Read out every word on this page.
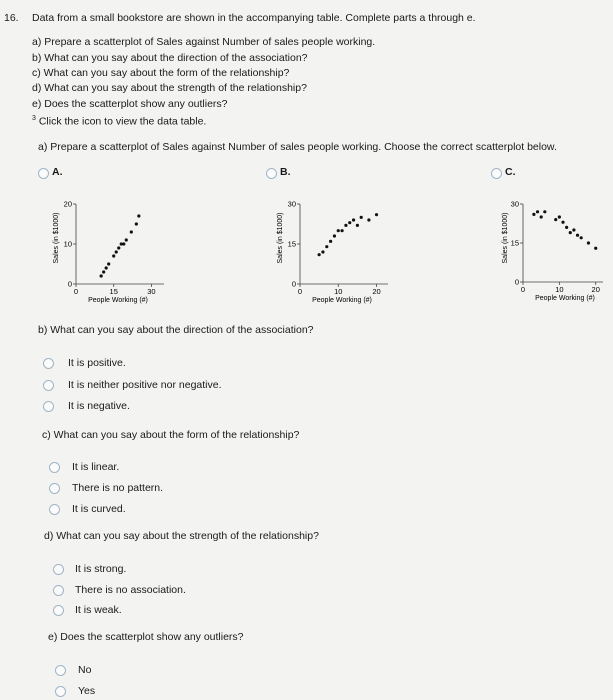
16. Data from a small bookstore are shown in the accompanying table. Complete parts a through e.
a) Prepare a scatterplot of Sales against Number of sales people working.
b) What can you say about the direction of the association?
c) What can you say about the form of the relationship?
d) What can you say about the strength of the relationship?
e) Does the scatterplot show any outliers?
$^3$ Click the icon to view the data table.
a) Prepare a scatterplot of Sales against Number of sales people working. Choose the correct scatterplot below.
A.	B.	C.
Sales (in $1000)
0	15	30
0
10
20
People Working (#)
Sales (in $1000)
0	10	20
0
15
30
People Working (#)
Sales (in $1000)
0	10	20
0
15
30
People Working (#)
b) What can you say about the direction of the association?
It is positive.
It is neither positive nor negative.
It is negative.
c) What can you say about the form of the relationship?
It is linear.
There is no pattern.
It is curved.
d) What can you say about the strength of the relationship?
It is strong.
There is no association.
It is weak.
e) Does the scatterplot show any outliers?
No
Yes
